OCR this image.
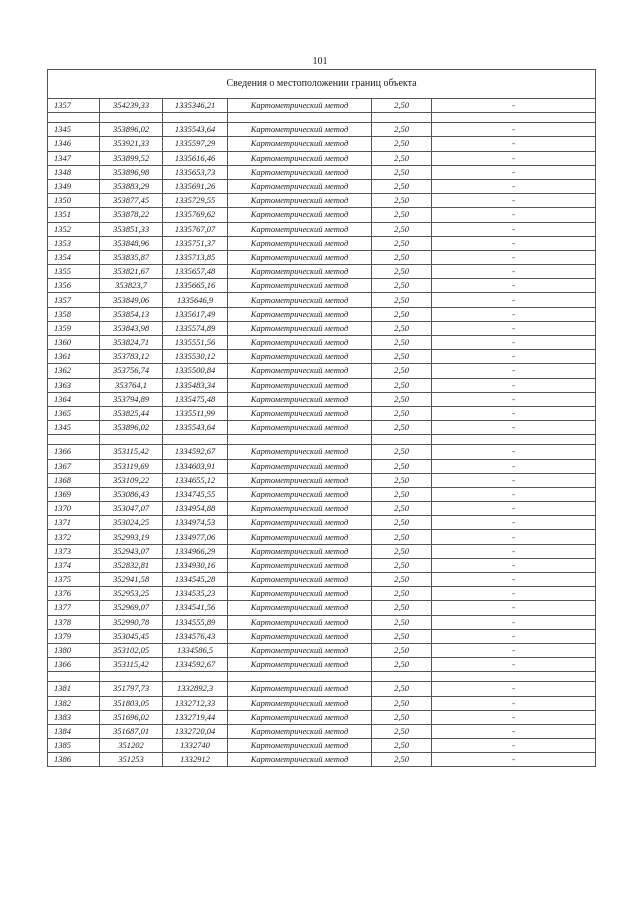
101
Сведения о местоположении границ объекта					
1357	354239,33	1335346,21	Картометрический метод	2,50	-

1345	353896,02	1335543,64	Картометрический метод	2,50	-
1346	353921,33	1335597,29	Картометрический метод	2,50	-
1347	353899,52	1335616,46	Картометрический метод	2,50	-
1348	353896,98	1335653,73	Картометрический метод	2,50	-
1349	353883,29	1335691,26	Картометрический метод	2,50	-
1350	353877,45	1335729,55	Картометрический метод	2,50	-
1351	353878,22	1335769,62	Картометрический метод	2,50	-
1352	353851,33	1335767,07	Картометрический метод	2,50	-
1353	353848,96	1335751,37	Картометрический метод	2,50	-
1354	353835,87	1335713,85	Картометрический метод	2,50	-
1355	353821,67	1335657,48	Картометрический метод	2,50	-
1356	353823,7	1335665,16	Картометрический метод	2,50	-
1357	353849,06	1335646,9	Картометрический метод	2,50	-
1358	353854,13	1335617,49	Картометрический метод	2,50	-
1359	353843,98	1335574,89	Картометрический метод	2,50	-
1360	353824,71	1335551,56	Картометрический метод	2,50	-
1361	353783,12	1335530,12	Картометрический метод	2,50	-
1362	353756,74	1335500,84	Картометрический метод	2,50	-
1363	353764,1	1335483,34	Картометрический метод	2,50	-
1364	353794,89	1335475,48	Картометрический метод	2,50	-
1365	353825,44	1335511,99	Картометрический метод	2,50	-
1345	353896,02	1335543,64	Картометрический метод	2,50	-

1366	353115,42	1334592,67	Картометрический метод	2,50	-
1367	353119,69	1334603,91	Картометрический метод	2,50	-
1368	353109,22	1334655,12	Картометрический метод	2,50	-
1369	353086,43	1334745,55	Картометрический метод	2,50	-
1370	353047,07	1334954,88	Картометрический метод	2,50	-
1371	353024,25	1334974,53	Картометрический метод	2,50	-
1372	352993,19	1334977,06	Картометрический метод	2,50	-
1373	352943,07	1334966,29	Картометрический метод	2,50	-
1374	352832,81	1334930,16	Картометрический метод	2,50	-
1375	352941,58	1334545,28	Картометрический метод	2,50	-
1376	352953,25	1334535,23	Картометрический метод	2,50	-
1377	352969,07	1334541,56	Картометрический метод	2,50	-
1378	352990,78	1334555,89	Картометрический метод	2,50	-
1379	353045,45	1334576,43	Картометрический метод	2,50	-
1380	353102,05	1334586,5	Картометрический метод	2,50	-
1366	353115,42	1334592,67	Картометрический метод	2,50	-

1381	351797,73	1332892,3	Картометрический метод	2,50	-
1382	351803,05	1332712,33	Картометрический метод	2,50	-
1383	351696,02	1332719,44	Картометрический метод	2,50	-
1384	351687,01	1332720,04	Картометрический метод	2,50	-
1385	351202	1332740	Картометрический метод	2,50	-
1386	351253	1332912	Картометрический метод	2,50	-
